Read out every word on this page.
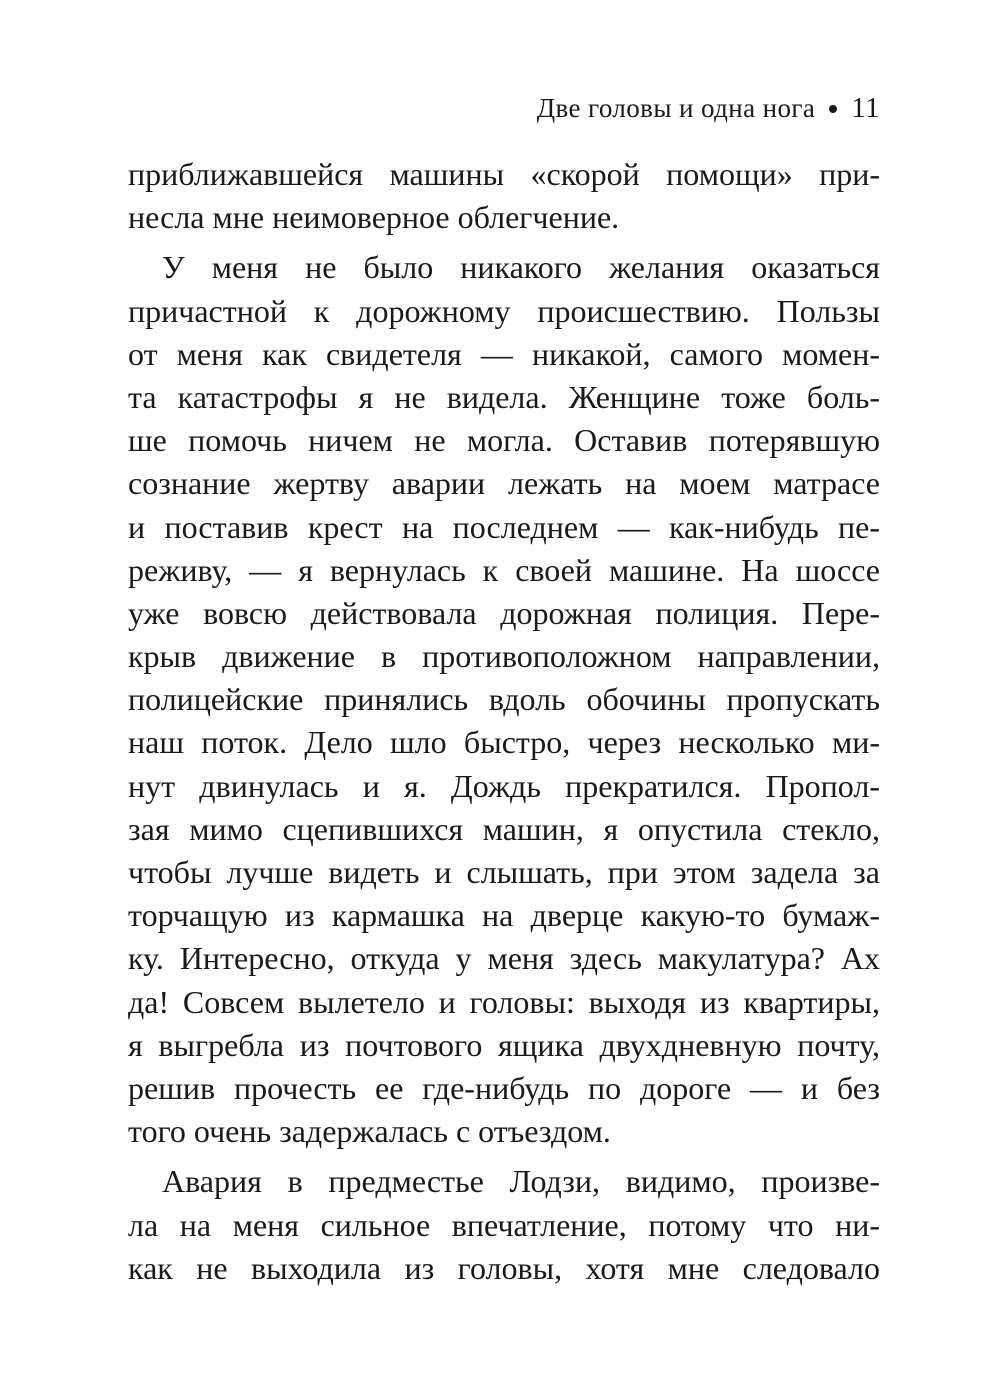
Две головы и одна нога 11
приближавшейся машины «скорой помощи» при-
несла мне неимоверное облегчение.
У меня не было никакого желания оказаться
причастной к дорожному происшествию. Пользы
от меня как свидетеля — никакой, самого момен-
та катастрофы я не видела. Женщине тоже боль-
ше помочь ничем не могла. Оставив потерявшую
сознание жертву аварии лежать на моем матрасе
и поставив крест на последнем — как-нибудь пе-
реживу, — я вернулась к своей машине. На шоссе
уже вовсю действовала дорожная полиция. Пере-
крыв движение в противоположном направлении,
полицейские принялись вдоль обочины пропускать
наш поток. Дело шло быстро, через несколько ми-
нут двинулась и я. Дождь прекратился. Пропол-
зая мимо сцепившихся машин, я опустила стекло,
чтобы лучше видеть и слышать, при этом задела за
торчащую из кармашка на дверце какую-то бумаж-
ку. Интересно, откуда у меня здесь макулатура? Ах
да! Совсем вылетело и головы: выходя из квартиры,
я выгребла из почтового ящика двухдневную почту,
решив прочесть ее где-нибудь по дороге — и без
того очень задержалась с отъездом.
Авария в предместье Лодзи, видимо, произве-
ла на меня сильное впечатление, потому что ни-
как не выходила из головы, хотя мне следовало
